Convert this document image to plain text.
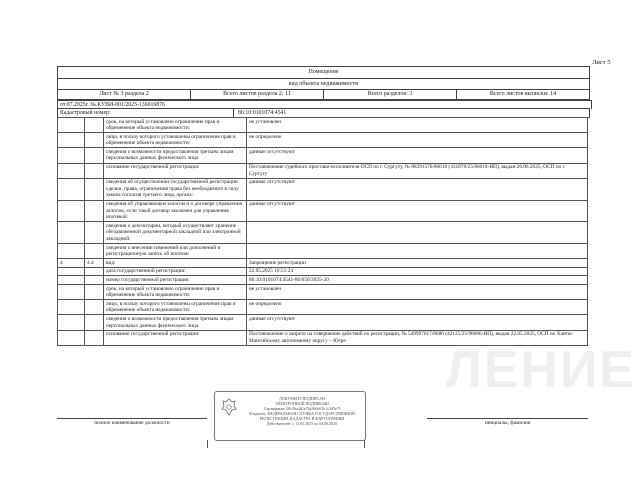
Лист 5
Помещение
вид объекта недвижимости
Лист № 3 раздела 2	Всего листов раздела 2: 11	Всего разделов: 3	Всего листов выписки: 14
от 07.2025г. № КУВИ-001/2025-136016876
Кадастровый номер:	86:10:0101074:4541
		срок, на который установлено ограничение прав и обременение объекта недвижимости:	не установлен
		лицо, в пользу которого установлены ограничение прав и обременение объекта недвижимости:	не определено
		сведения о возможности предоставления третьим лицам персональных данных физического лица	данные отсутствуют
		основание государственной регистрации:	Постановление судебного пристава-исполнителя ОСП по г. Сургуту, № 88291576/86018 (431878/25/86018-ИП), выдан 26.06.2025, ОСП по г. Сургуту
		сведения об осуществлении государственной регистрации сделки, права, ограничения права без необходимого в силу закона согласия третьего лица, органа:	данные отсутствуют
		сведения об управляющем залогом и о договоре управления залогом, если такой договор заключен для управления ипотекой:	данные отсутствуют
		сведения о депозитарии, который осуществляет хранение обездвиженной документарной закладной или электронной закладной:	
		сведения о внесении изменений или дополнений в регистрационную запись об ипотеке:	
4	4.4	вид:	Запрещение регистрации
		дата государственной регистрации:	22.05.2025 10:51:24
		номер государственной регистрации:	86:10:0101074:4541-86/050/2025-20
		срок, на который установлено ограничение прав и обременение объекта недвижимости:	не установлен
		лицо, в пользу которого установлены ограничение прав и обременение объекта недвижимости:	не определено
		сведения о возможности предоставления третьим лицам персональных данных физического лица	данные отсутствуют
		основание государственной регистрации:	Постановление о запрете на совершение действий по регистрации, № 549997617/8686 (42125/25/98086-ИП), выдан 22.05.2025, ОСП по Ханты-Мансийскому автономному округу – Югре
ЛЕНИЕ
ДОКУМЕНТ ПОДПИСАН
ЭЛЕКТРОННОЙ ПОДПИСЬЮ
Сертификат: 00c2ba4d1e76a3b9c61b1c2d5e7f
Владелец: ФЕДЕРАЛЬНАЯ СЛУЖБА ГОСУДАРСТВЕННОЙ
РЕГИСТРАЦИИ, КАДАСТРА И КАРТОГРАФИИ
Действителен: с 11.03.2025 по 04.06.2026
полное наименование должности	инициалы, фамилия
